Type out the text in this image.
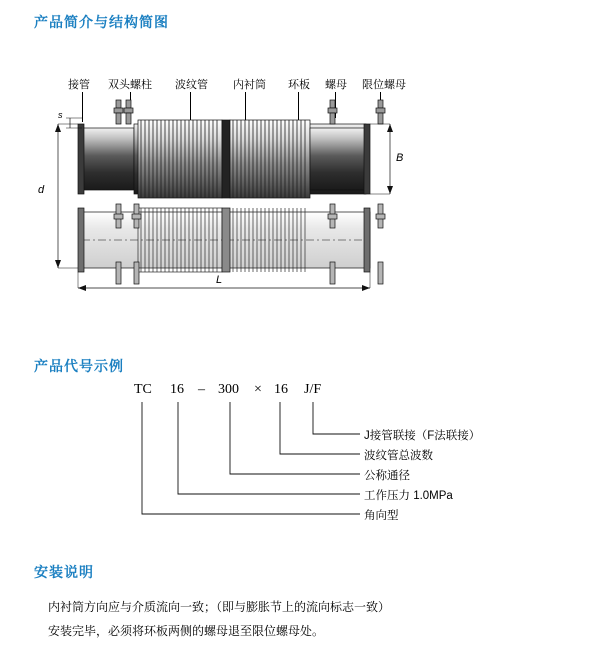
产品简介与结构简图
产品代号示例
安装说明
接管 双头螺柱 波纹管 内衬筒 环板 螺母 限位螺母
d
s
B
L
TC 16 – 300 × 16 J/F
J接管联接（F法联接）
波纹管总波数
公称通径
工作压力 1.0MPa
角向型

内衬筒方向应与介质流向一致；（即与膨胀节上的流向标志一致）

安装完毕，必须将环板两侧的螺母退至限位螺母处。
